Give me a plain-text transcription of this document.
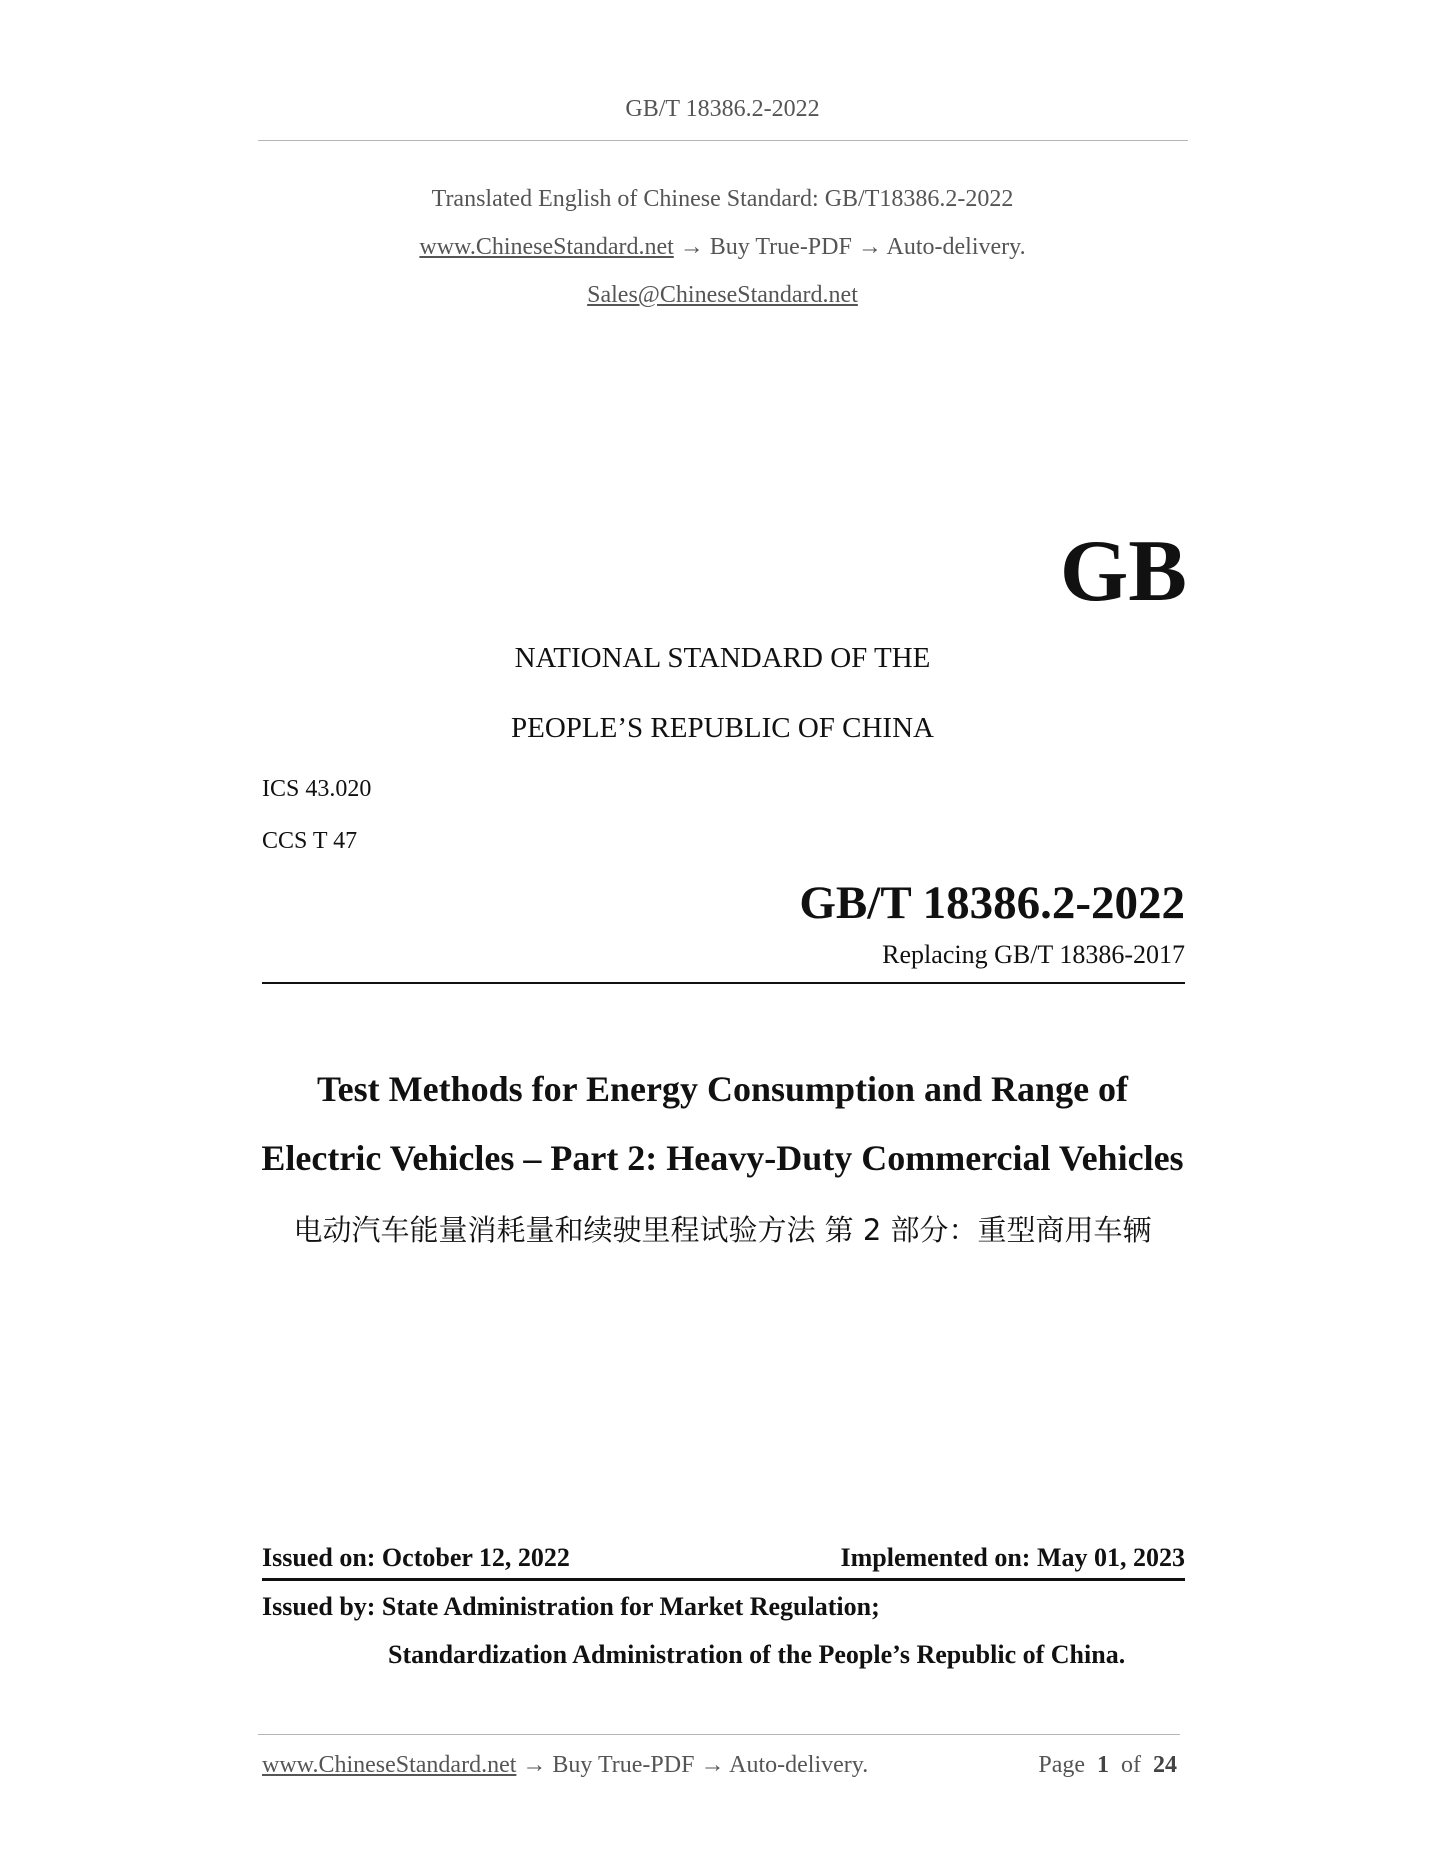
GB/T 18386.2-2022
Translated English of Chinese Standard: GB/T18386.2-2022
www.ChineseStandard.net → Buy True-PDF → Auto-delivery.
Sales@ChineseStandard.net
GB
NATIONAL STANDARD OF THE
PEOPLE’S REPUBLIC OF CHINA
ICS 43.020
CCS T 47
GB/T 18386.2-2022
Replacing GB/T 18386-2017
Test Methods for Energy Consumption and Range of
Electric Vehicles – Part 2: Heavy-Duty Commercial Vehicles
电动汽车能量消耗量和续驶里程试验方法 第 2 部分：重型商用车辆
Issued on: October 12, 2022	Implemented on: May 01, 2023
Issued by: State Administration for Market Regulation;
Standardization Administration of the People’s Republic of China.
www.ChineseStandard.net → Buy True-PDF → Auto-delivery.	Page 1 of 24
